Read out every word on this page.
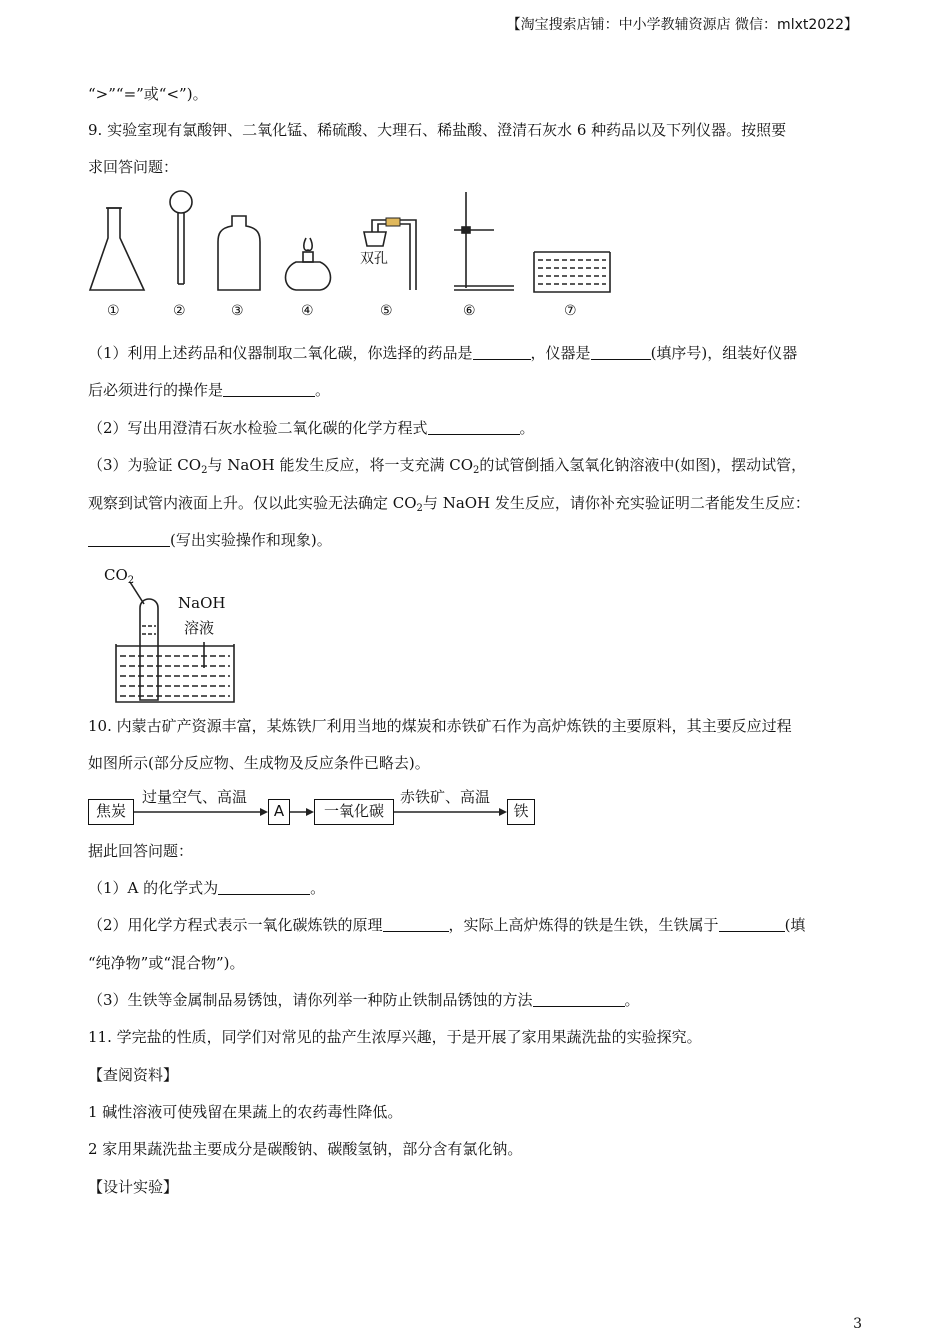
【淘宝搜索店铺：中小学教辅资源店 微信：mlxt2022】
“>”“=”或“<”)。
9. 实验室现有氯酸钾、二氧化锰、稀硫酸、大理石、稀盐酸、澄清石灰水 6 种药品以及下列仪器。按照要
求回答问题：
双孔
①	②	③	④	⑤	⑥	⑦
（1）利用上述药品和仪器制取二氧化碳，你选择的药品是	，仪器是	(填序号)，组装好仪器
后必须进行的操作是	。
（2）写出用澄清石灰水检验二氧化碳的化学方程式	。
（3）为验证 $CO_2$与 NaOH 能发生反应，将一支充满 $CO_2$的试管倒插入氢氧化钠溶液中(如图)，摆动试管，
观察到试管内液面上升。仅以此实验无法确定 $CO_2$与 NaOH 发生反应，请你补充实验证明二者能发生反应：
(写出实验操作和现象)。
$CO_2$
NaOH
溶液
10. 内蒙古矿产资源丰富，某炼铁厂利用当地的煤炭和赤铁矿石作为高炉炼铁的主要原料，其主要反应过程
如图所示(部分反应物、生成物及反应条件已略去)。
焦炭
过量空气、高温
A	一氧化碳
赤铁矿、高温
铁
据此回答问题：
（1）A 的化学式为	。
（2）用化学方程式表示一氧化碳炼铁的原理	，实际上高炉炼得的铁是生铁，生铁属于	(填
“纯净物”或“混合物”)。
（3）生铁等金属制品易锈蚀，请你列举一种防止铁制品锈蚀的方法	。
11. 学完盐的性质，同学们对常见的盐产生浓厚兴趣，于是开展了家用果蔬洗盐的实验探究。
【查阅资料】
1 碱性溶液可使残留在果蔬上的农药毒性降低。
2 家用果蔬洗盐主要成分是碳酸钠、碳酸氢钠，部分含有氯化钠。
【设计实验】
3
